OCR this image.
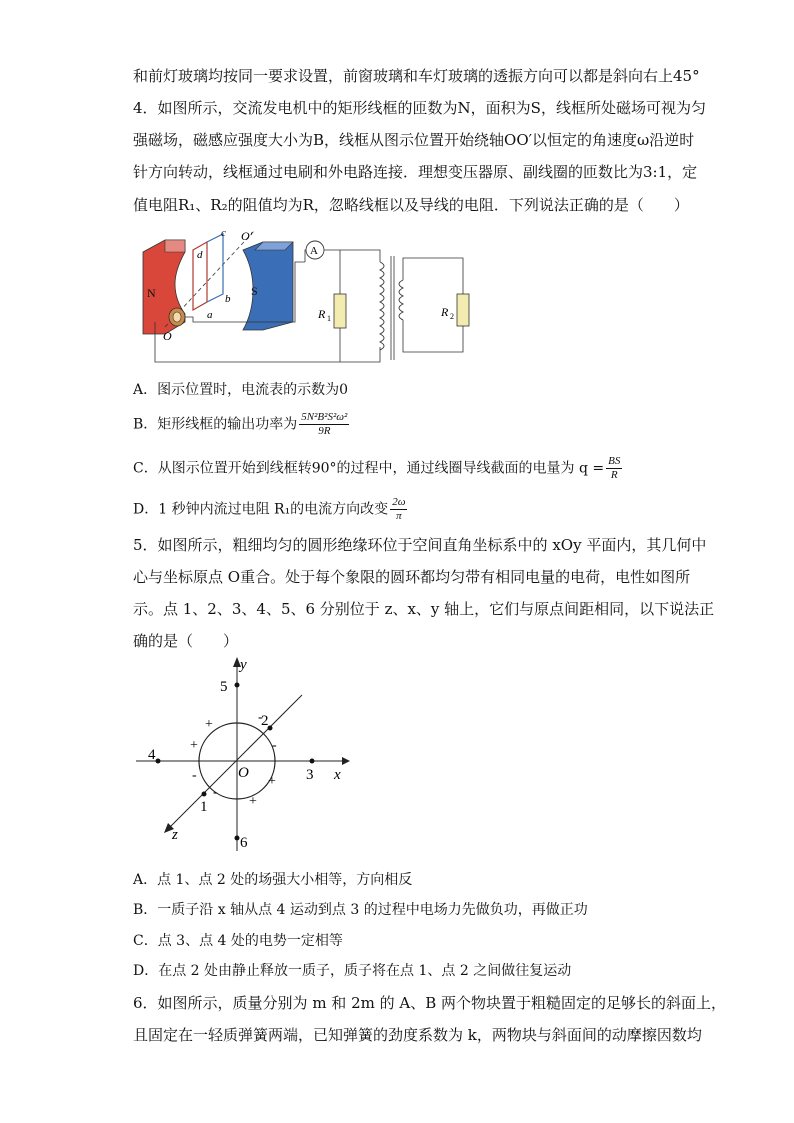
和前灯玻璃均按同一要求设置，前窗玻璃和车灯玻璃的透振方向可以都是斜向右上45°
4．如图所示，交流发电机中的矩形线框的匝数为N，面积为S，线框所处磁场可视为匀
强磁场，磁感应强度大小为B，线框从图示位置开始绕轴OO′以恒定的角速度ω沿逆时
针方向转动，线框通过电刷和外电路连接．理想变压器原、副线圈的匝数比为3:1，定
值电阻R₁、R₂的阻值均为R，忽略线框以及导线的电阻．下列说法正确的是（　　）
N	S
d
c
b
a
O′
O
A
R 1	R 2
A．图示位置时，电流表的示数为0
B．矩形线框的输出功率为 $\frac{\text{5N²B²S²ω²}}{9R}$
C．从图示位置开始到线框转90°的过程中，通过线圈导线截面的电量为 $q = \frac{BS}{R}$
D．1 秒钟内流过电阻 R₁的电流方向改变 $\frac{2\omega}{\pi}$
5．如图所示，粗细均匀的圆形绝缘环位于空间直角坐标系中的 xOy 平面内，其几何中
心与坐标原点 O重合。处于每个象限的圆环都均匀带有相同电量的电荷，电性如图所
示。点 1、2、3、4、5、6 分别位于 z、x、y 轴上，它们与原点间距相同，以下说法正
确的是（　　）
y
x
z
O
5
6
4
3
2
1
+
+
-
-
-
-
+
+
A．点 1、点 2 处的场强大小相等，方向相反
B．一质子沿 x 轴从点 4 运动到点 3 的过程中电场力先做负功，再做正功
C．点 3、点 4 处的电势一定相等
D．在点 2 处由静止释放一质子，质子将在点 1、点 2 之间做往复运动
6．如图所示，质量分别为 m 和 2m 的 A、B 两个物块置于粗糙固定的足够长的斜面上，
且固定在一轻质弹簧两端，已知弹簧的劲度系数为 k，两物块与斜面间的动摩擦因数均
